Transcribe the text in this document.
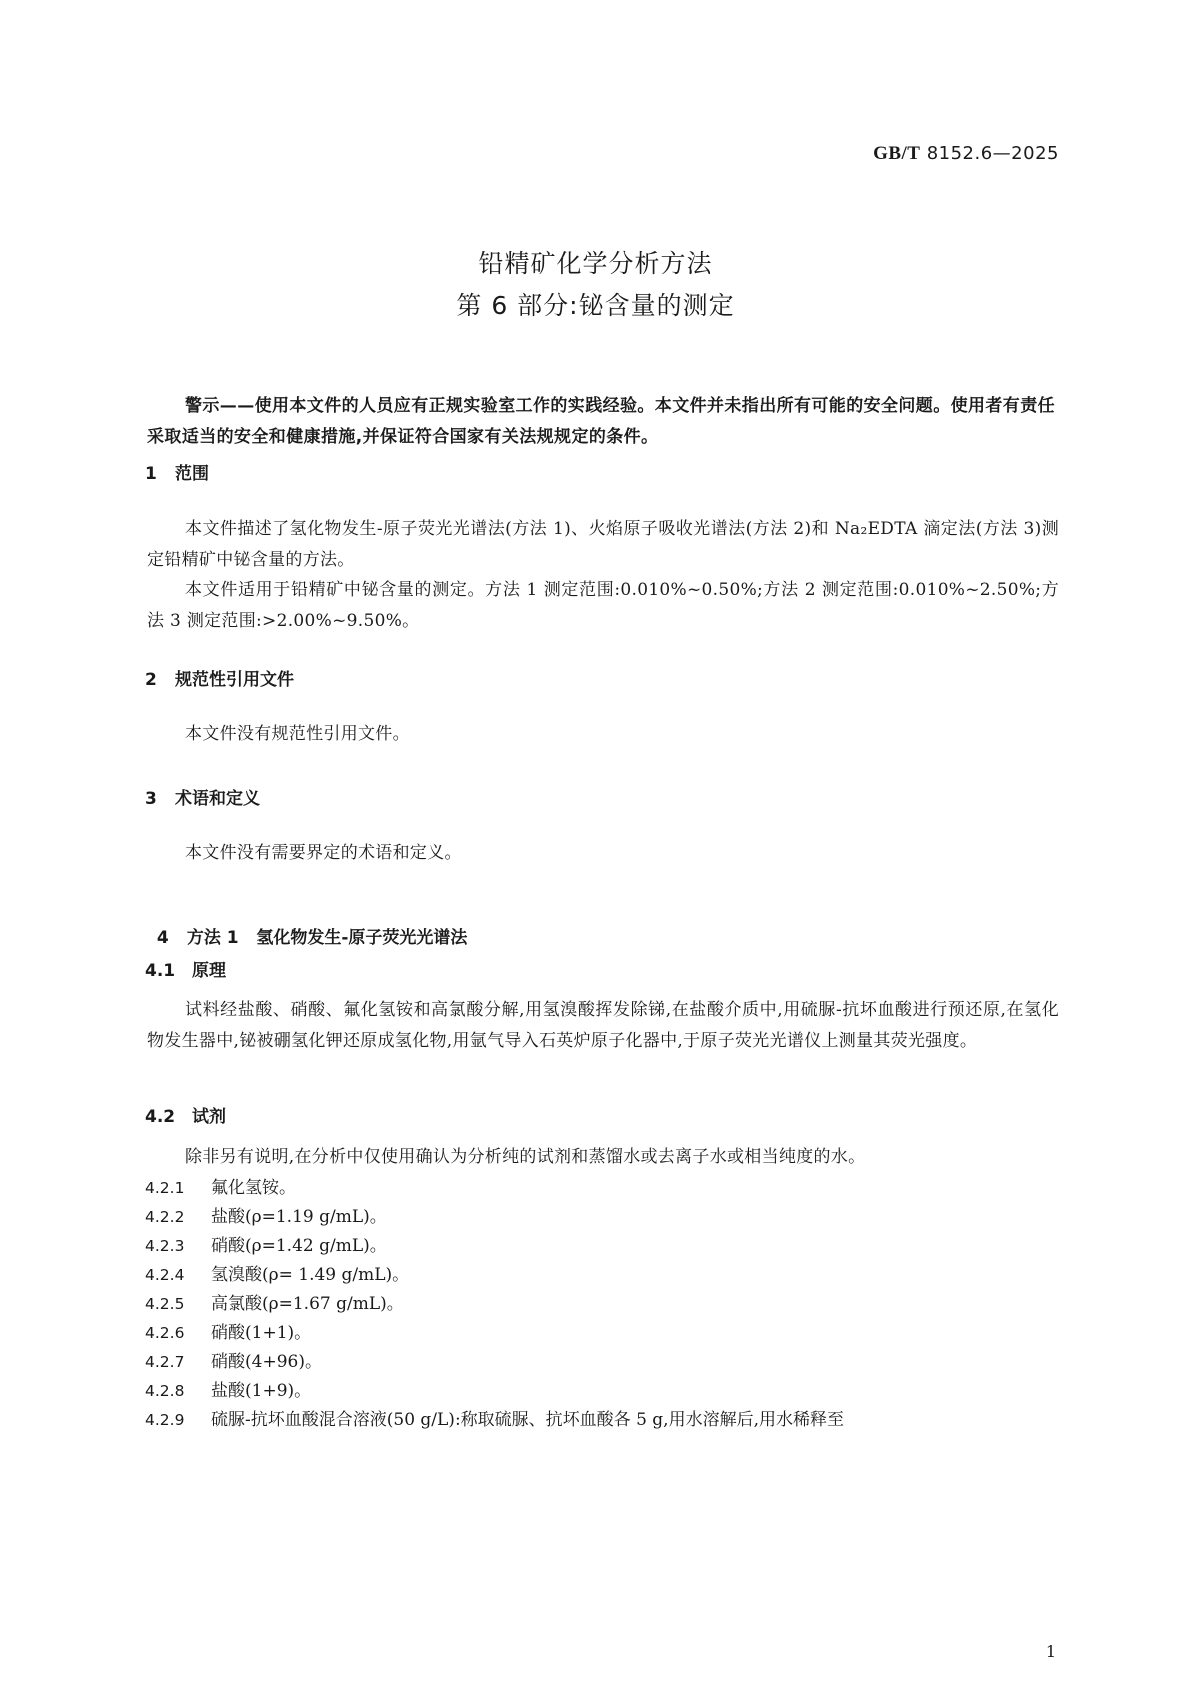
GB/T 8152.6—2025
铅精矿化学分析方法
第 6 部分:铋含量的测定
警示——使用本文件的人员应有正规实验室工作的实践经验。本文件并未指出所有可能的安全问题。使用者有责任采取适当的安全和健康措施,并保证符合国家有关法规规定的条件。
1 范围
本文件描述了氢化物发生-原子荧光光谱法(方法 1)、火焰原子吸收光谱法(方法 2)和 Na₂EDTA 滴定法(方法 3)测定铅精矿中铋含量的方法。
本文件适用于铅精矿中铋含量的测定。方法 1 测定范围:0.010%~0.50%;方法 2 测定范围:0.010%~2.50%;方法 3 测定范围:>2.00%~9.50%。
2 规范性引用文件
本文件没有规范性引用文件。
3 术语和定义
本文件没有需要界定的术语和定义。

4 方法 1   氢化物发生-原子荧光光谱法

4.1 原理
试料经盐酸、硝酸、氟化氢铵和高氯酸分解,用氢溴酸挥发除锑,在盐酸介质中,用硫脲-抗坏血酸进行预还原,在氢化物发生器中,铋被硼氢化钾还原成氢化物,用氩气导入石英炉原子化器中,于原子荧光光谱仪上测量其荧光强度。
4.2 试剂
除非另有说明,在分析中仅使用确认为分析纯的试剂和蒸馏水或去离子水或相当纯度的水。
4.2.1 氟化氢铵。
4.2.2 盐酸(ρ=1.19 g/mL)。
4.2.3 硝酸(ρ=1.42 g/mL)。
4.2.4 氢溴酸(ρ= 1.49 g/mL)。
4.2.5 高氯酸(ρ=1.67 g/mL)。
4.2.6 硝酸(1+1)。
4.2.7 硝酸(4+96)。
4.2.8 盐酸(1+9)。
4.2.9 硫脲-抗坏血酸混合溶液(50 g/L):称取硫脲、抗坏血酸各 5 g,用水溶解后,用水稀释至
1
